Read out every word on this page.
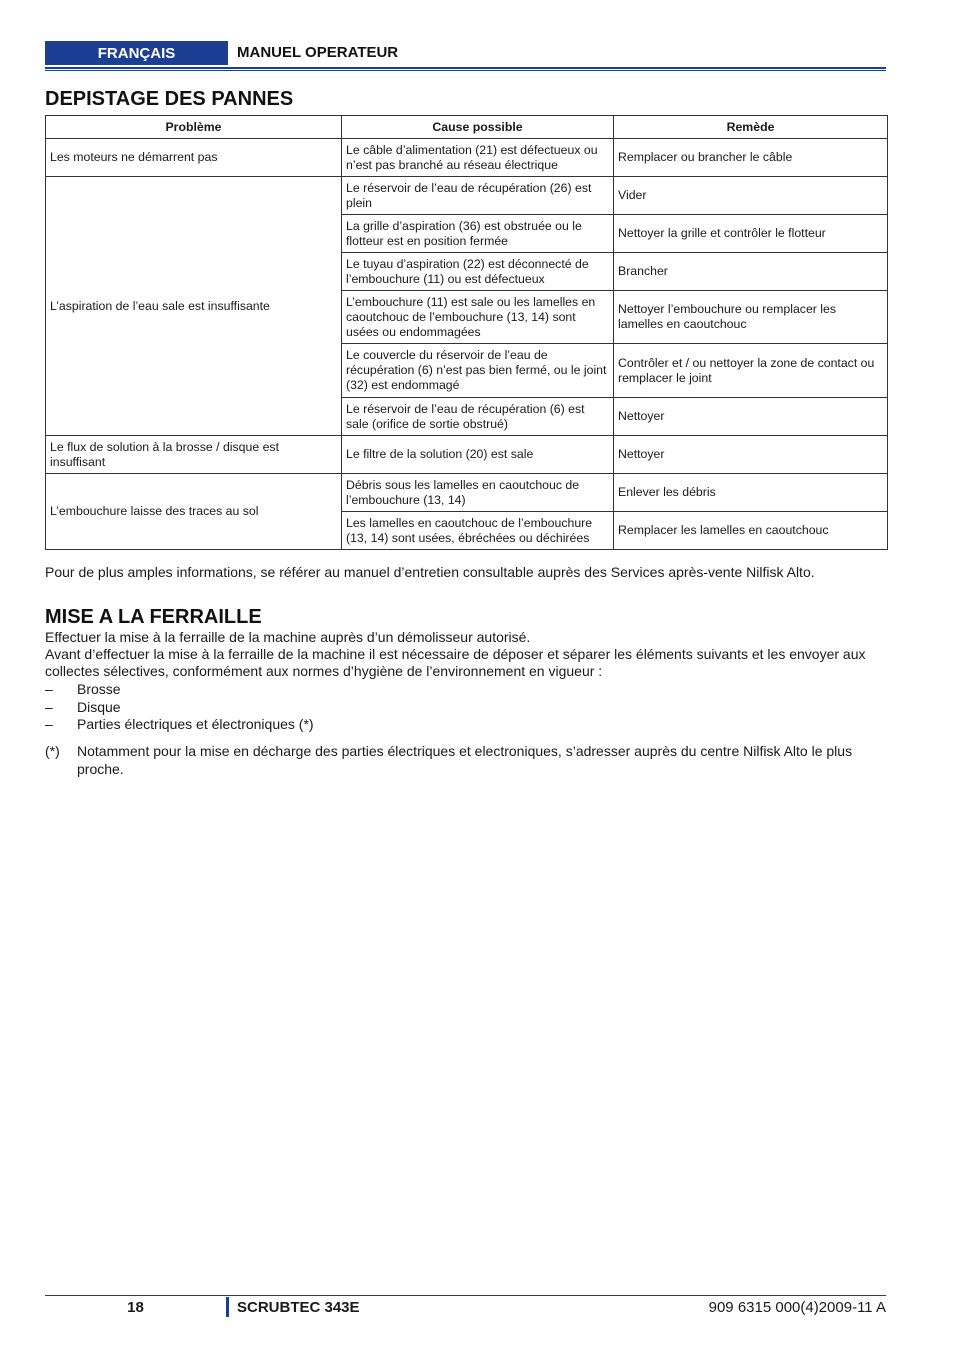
FRANÇAIS	MANUEL OPERATEUR
DEPISTAGE DES PANNES
Problème	Cause possible	Remède
Les moteurs ne démarrent pas	Le câble d’alimentation (21) est défectueux ou n’est pas branché au réseau électrique	Remplacer ou brancher le câble
L’aspiration de l’eau sale est insuffisante	Le réservoir de l’eau de récupération (26) est plein	Vider
	La grille d’aspiration (36) est obstruée ou le flotteur est en position fermée	Nettoyer la grille et contrôler le flotteur
	Le tuyau d’aspiration (22) est déconnecté de l’embouchure (11) ou est défectueux	Brancher
	L’embouchure (11) est sale ou les lamelles en caoutchouc de l’embouchure (13, 14) sont usées ou endommagées	Nettoyer l’embouchure ou remplacer les lamelles en caoutchouc
	Le couvercle du réservoir de l’eau de récupération (6) n’est pas bien fermé, ou le joint (32) est endommagé	Contrôler et / ou nettoyer la zone de contact ou remplacer le joint
	Le réservoir de l’eau de récupération (6) est sale (orifice de sortie obstrué)	Nettoyer
Le flux de solution à la brosse / disque est insuffisant	Le filtre de la solution (20) est sale	Nettoyer
L’embouchure laisse des traces au sol	Débris sous les lamelles en caoutchouc de l’embouchure (13, 14)	Enlever les débris
	Les lamelles en caoutchouc de l’embouchure (13, 14) sont usées, ébréchées ou déchirées	Remplacer les lamelles en caoutchouc

Pour de plus amples informations, se référer au manuel d’entretien consultable auprès des Services après-vente Nilfisk Alto.

MISE A LA FERRAILLE
Effectuer la mise à la ferraille de la machine auprès d’un démolisseur autorisé.
Avant d’effectuer la mise à la ferraille de la machine il est nécessaire de déposer et séparer les éléments suivants et les envoyer aux collectes sélectives, conformément aux normes d’hygiène de l’environnement en vigueur :
– Brosse
– Disque
– Parties électriques et électroniques (*)
(*) Notamment pour la mise en décharge des parties électriques et electroniques, s’adresser auprès du centre Nilfisk Alto le plus proche.
18	SCRUBTEC 343E	909 6315 000(4)2009-11 A
